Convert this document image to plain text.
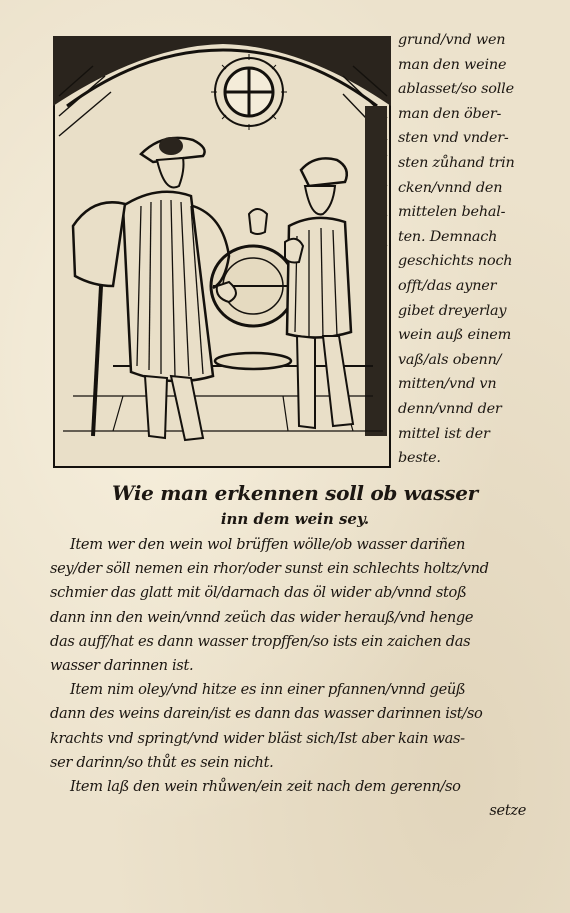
grund/vnd wen
man den weine
ablasset/so solle
man den öber-
sten vnd vnder-
sten zůhand trin
cken/vnnd den
mittelen behal-
ten. Demnach
geschichts noch
offt/das ayner
gibet dreyerlay
wein auß einem
vaß/als obenn/
mitten/vnd vn
denn/vnnd der
mittel ist der
beste.
Wie man erkennen soll ob wasser
inn dem wein sey.
Item wer den wein wol brüffen wölle/ob wasser dariñen
sey/der söll nemen ein rhor/oder sunst ein schlechts holtz/vnd
schmier das glatt mit öl/darnach das öl wider ab/vnnd stoß
dann inn den wein/vnnd zeüch das wider herauß/vnd henge
das auff/hat es dann wasser tropffen/so ists ein zaichen das
wasser darinnen ist.
Item nim oley/vnd hitze es inn einer pfannen/vnnd geüß
dann des weins darein/ist es dann das wasser darinnen ist/so
krachts vnd springt/vnd wider bläst sich/Ist aber kain was-
ser darinn/so thůt es sein nicht.
Item laß den wein rhůwen/ein zeit nach dem gerenn/so
setze
